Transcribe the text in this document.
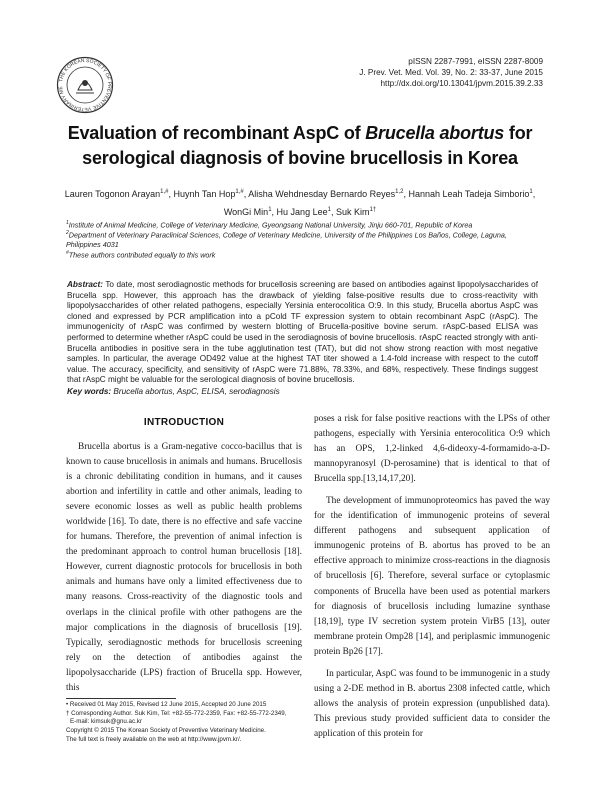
THE KOREAN SOCIETY OF PREVENTIVE VETERINARY ME
pISSN 2287-7991, eISSN 2287-8009
J. Prev. Vet. Med. Vol. 39, No. 2: 33-37, June 2015
http://dx.doi.org/10.13041/jpvm.2015.39.2.33
Evaluation of recombinant AspC of Brucella abortus for serological diagnosis of bovine brucellosis in Korea
Lauren Togonon Arayan$^{1,\#}$, Huynh Tan Hop$^{1,\#}$, Alisha Wehdnesday Bernardo Reyes$^{1,2}$, Hannah Leah Tadeja Simborio$^1$, WonGi Min$^1$, Hu Jang Lee$^1$, Suk Kim$^{1\dagger}$
$^1$Institute of Animal Medicine, College of Veterinary Medicine, Gyeongsang National University, Jinju 660-701, Republic of Korea
$^2$Department of Veterinary Paraclinical Sciences, College of Veterinary Medicine, University of the Philippines Los Baños, College, Laguna, Philippines 4031
#These authors contributed equally to this work
Abstract: To date, most serodiagnostic methods for brucellosis screening are based on antibodies against lipopolysaccharides of Brucella spp. However, this approach has the drawback of yielding false-positive results due to cross-reactivity with lipopolysaccharides of other related pathogens, especially Yersinia enterocolitica O:9. In this study, Brucella abortus AspC was cloned and expressed by PCR amplification into a pCold TF expression system to obtain recombinant AspC (rAspC). The immunogenicity of rAspC was confirmed by western blotting of Brucella-positive bovine serum. rAspC-based ELISA was performed to determine whether rAspC could be used in the serodiagnosis of bovine brucellosis. rAspC reacted strongly with anti-Brucella antibodies in positive sera in the tube agglutination test (TAT), but did not show strong reaction with most negative samples. In particular, the average OD492 value at the highest TAT titer showed a 1.4-fold increase with respect to the cutoff value. The accuracy, specificity, and sensitivity of rAspC were 71.88%, 78.33%, and 68%, respectively. These findings suggest that rAspC might be valuable for the serological diagnosis of bovine brucellosis.
Key words: Brucella abortus, AspC, ELISA, serodiagnosis
INTRODUCTION

Brucella abortus is a Gram-negative cocco-bacillus that is known to cause brucellosis in animals and humans. Brucellosis is a chronic debilitating condition in humans, and it causes abortion and infertility in cattle and other animals, leading to severe economic losses as well as public health problems worldwide [16]. To date, there is no effective and safe vaccine for humans. Therefore, the prevention of animal infection is the predominant approach to control human brucellosis [18]. However, current diagnostic protocols for brucellosis in both animals and humans have only a limited effectiveness due to many reasons. Cross-reactivity of the diagnostic tools and overlaps in the clinical profile with other pathogens are the major complications in the diagnosis of brucellosis [19]. Typically, serodiagnostic methods for brucellosis screening rely on the detection of antibodies against the lipopolysaccharide (LPS) fraction of Brucella spp. However, this

poses a risk for false positive reactions with the LPSs of other pathogens, especially with Yersinia enterocolitica O:9 which has an OPS, 1,2-linked 4,6-dideoxy-4-formamido-a-D-mannopyranosyl (D-perosamine) that is identical to that of Brucella spp.[13,14,17,20].

The development of immunoproteomics has paved the way for the identification of immunogenic proteins of several different pathogens and subsequent application of immunogenic proteins of B. abortus has proved to be an effective approach to minimize cross-reactions in the diagnosis of brucellosis [6]. Therefore, several surface or cytoplasmic components of Brucella have been used as potential markers for diagnosis of brucellosis including lumazine synthase [18,19], type IV secretion system protein VirB5 [13], outer membrane protein Omp28 [14], and periplasmic immunogenic protein Bp26 [17].

In particular, AspC was found to be immunogenic in a study using a 2-DE method in B. abortus 2308 infected cattle, which allows the analysis of protein expression (unpublished data). This previous study provided sufficient data to consider the application of this protein for

• Received 01 May 2015, Revised 12 June 2015, Accepted 20 June 2015
† Corresponding Author. Suk Kim, Tel: +82-55-772-2359, Fax: +82-55-772-2349,
E-mail: kimsuk@gnu.ac.kr
Copyright © 2015 The Korean Society of Preventive Veterinary Medicine.
The full text is freely available on the web at http://www.jpvm.kr/.
